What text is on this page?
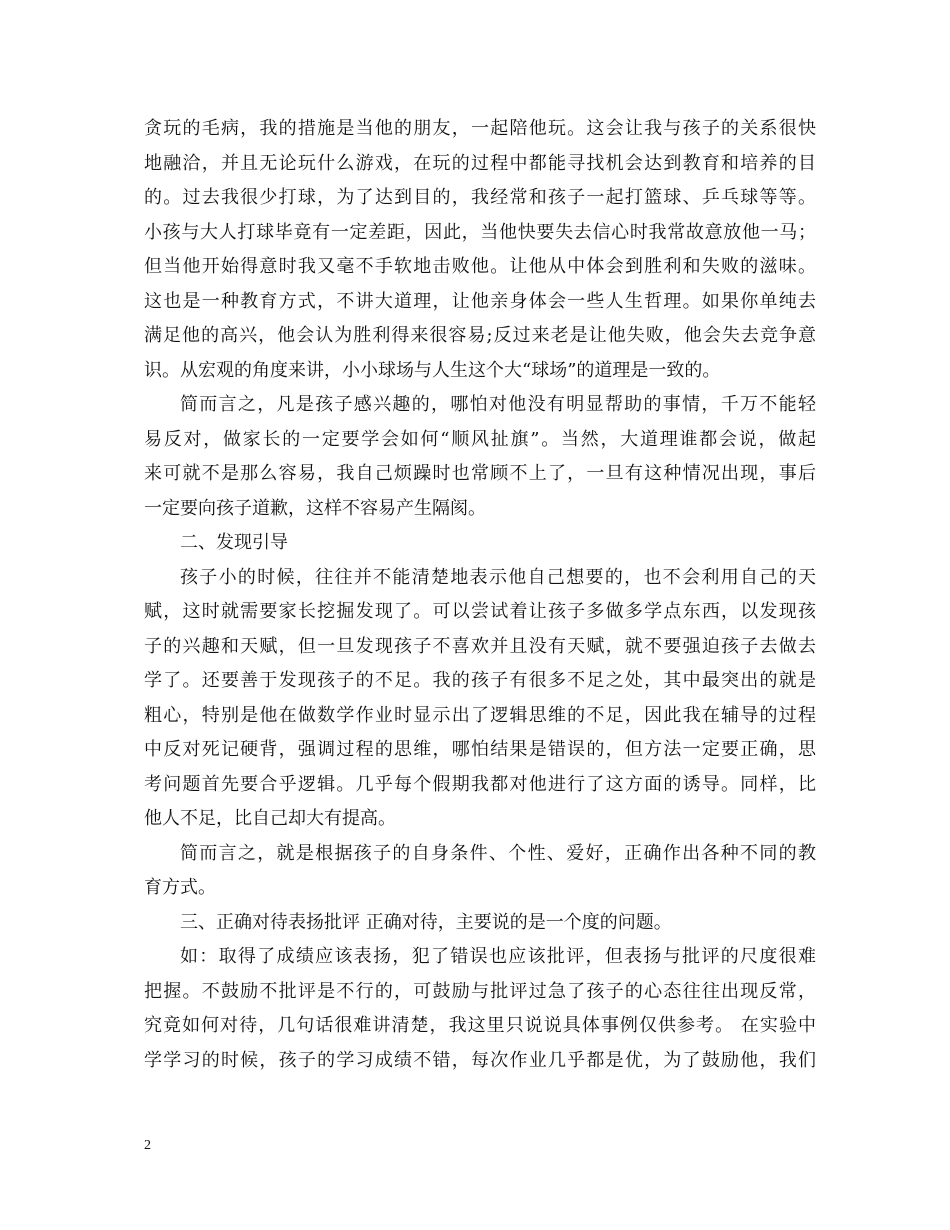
贪玩的毛病，我的措施是当他的朋友，一起陪他玩。这会让我与孩子的关系很快
地融洽，并且无论玩什么游戏，在玩的过程中都能寻找机会达到教育和培养的目
的。过去我很少打球，为了达到目的，我经常和孩子一起打篮球、乒乓球等等。
小孩与大人打球毕竟有一定差距，因此，当他快要失去信心时我常故意放他一马；
但当他开始得意时我又毫不手软地击败他。让他从中体会到胜利和失败的滋味。
这也是一种教育方式，不讲大道理，让他亲身体会一些人生哲理。如果你单纯去
满足他的高兴，他会认为胜利得来很容易;反过来老是让他失败，他会失去竞争意
识。从宏观的角度来讲，小小球场与人生这个大“球场”的道理是一致的。
简而言之，凡是孩子感兴趣的，哪怕对他没有明显帮助的事情，千万不能轻
易反对，做家长的一定要学会如何“顺风扯旗”。当然，大道理谁都会说，做起
来可就不是那么容易，我自己烦躁时也常顾不上了，一旦有这种情况出现，事后
一定要向孩子道歉，这样不容易产生隔阂。
二、发现引导
孩子小的时候，往往并不能清楚地表示他自己想要的，也不会利用自己的天
赋，这时就需要家长挖掘发现了。可以尝试着让孩子多做多学点东西，以发现孩
子的兴趣和天赋，但一旦发现孩子不喜欢并且没有天赋，就不要强迫孩子去做去
学了。还要善于发现孩子的不足。我的孩子有很多不足之处，其中最突出的就是
粗心，特别是他在做数学作业时显示出了逻辑思维的不足，因此我在辅导的过程
中反对死记硬背，强调过程的思维，哪怕结果是错误的，但方法一定要正确，思
考问题首先要合乎逻辑。几乎每个假期我都对他进行了这方面的诱导。同样，比
他人不足，比自己却大有提高。
简而言之，就是根据孩子的自身条件、个性、爱好，正确作出各种不同的教
育方式。
三、正确对待表扬批评 正确对待，主要说的是一个度的问题。
如：取得了成绩应该表扬，犯了错误也应该批评，但表扬与批评的尺度很难
把握。不鼓励不批评是不行的，可鼓励与批评过急了孩子的心态往往出现反常，
究竟如何对待，几句话很难讲清楚，我这里只说说具体事例仅供参考。 在实验中
学学习的时候，孩子的学习成绩不错，每次作业几乎都是优，为了鼓励他，我们
2
